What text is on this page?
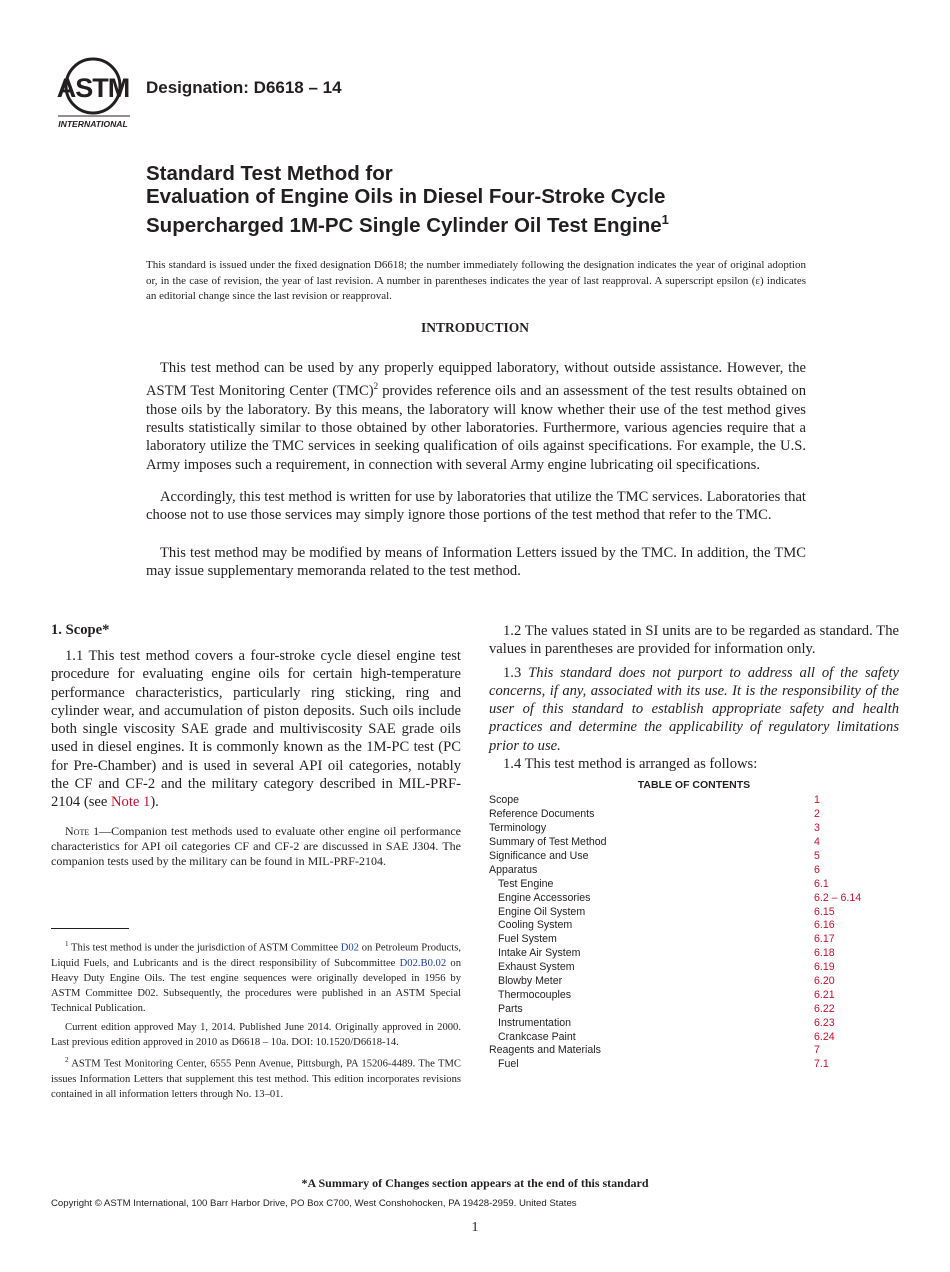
ASTM
INTERNATIONAL
Designation: D6618 – 14
Standard Test Method for
Evaluation of Engine Oils in Diesel Four-Stroke Cycle
Supercharged 1M-PC Single Cylinder Oil Test Engine$^1$
This standard is issued under the fixed designation D6618; the number immediately following the designation indicates the year of original adoption or, in the case of revision, the year of last revision. A number in parentheses indicates the year of last reapproval. A superscript epsilon (ε) indicates an editorial change since the last revision or reapproval.
INTRODUCTION

This test method can be used by any properly equipped laboratory, without outside assistance. However, the ASTM Test Monitoring Center (TMC)$^2$ provides reference oils and an assessment of the test results obtained on those oils by the laboratory. By this means, the laboratory will know whether their use of the test method gives results statistically similar to those obtained by other laboratories. Furthermore, various agencies require that a laboratory utilize the TMC services in seeking qualification of oils against specifications. For example, the U.S. Army imposes such a requirement, in connection with several Army engine lubricating oil specifications.

Accordingly, this test method is written for use by laboratories that utilize the TMC services. Laboratories that choose not to use those services may simply ignore those portions of the test method that refer to the TMC.

This test method may be modified by means of Information Letters issued by the TMC. In addition, the TMC may issue supplementary memoranda related to the test method.

1. Scope*

1.1 This test method covers a four-stroke cycle diesel engine test procedure for evaluating engine oils for certain high-temperature performance characteristics, particularly ring sticking, ring and cylinder wear, and accumulation of piston deposits. Such oils include both single viscosity SAE grade and multiviscosity SAE grade oils used in diesel engines. It is commonly known as the 1M-PC test (PC for Pre-Chamber) and is used in several API oil categories, notably the CF and CF-2 and the military category described in MIL-PRF-2104 (see Note 1).

Note 1—Companion test methods used to evaluate other engine oil performance characteristics for API oil categories CF and CF-2 are discussed in SAE J304. The companion tests used by the military can be found in MIL-PRF-2104.

$^1$ This test method is under the jurisdiction of ASTM Committee D02 on Petroleum Products, Liquid Fuels, and Lubricants and is the direct responsibility of Subcommittee D02.B0.02 on Heavy Duty Engine Oils. The test engine sequences were originally developed in 1956 by ASTM Committee D02. Subsequently, the procedures were published in an ASTM Special Technical Publication.

Current edition approved May 1, 2014. Published June 2014. Originally approved in 2000. Last previous edition approved in 2010 as D6618 – 10a. DOI: 10.1520/D6618-14.

$^2$ ASTM Test Monitoring Center, 6555 Penn Avenue, Pittsburgh, PA 15206-4489. The TMC issues Information Letters that supplement this test method. This edition incorporates revisions contained in all information letters through No. 13–01.

1.2 The values stated in SI units are to be regarded as standard. The values in parentheses are provided for information only.

1.3 This standard does not purport to address all of the safety concerns, if any, associated with its use. It is the responsibility of the user of this standard to establish appropriate safety and health practices and determine the applicability of regulatory limitations prior to use.

1.4 This test method is arranged as follows:

TABLE OF CONTENTS
Scope	1
Reference Documents	2
Terminology	3
Summary of Test Method	4
Significance and Use	5
Apparatus	6
Test Engine	6.1
Engine Accessories	6.2 – 6.14
Engine Oil System	6.15
Cooling System	6.16
Fuel System	6.17
Intake Air System	6.18
Exhaust System	6.19
Blowby Meter	6.20
Thermocouples	6.21
Parts	6.22
Instrumentation	6.23
Crankcase Paint	6.24
Reagents and Materials	7
Fuel	7.1
*A Summary of Changes section appears at the end of this standard
Copyright © ASTM International, 100 Barr Harbor Drive, PO Box C700, West Conshohocken, PA 19428-2959. United States
1
